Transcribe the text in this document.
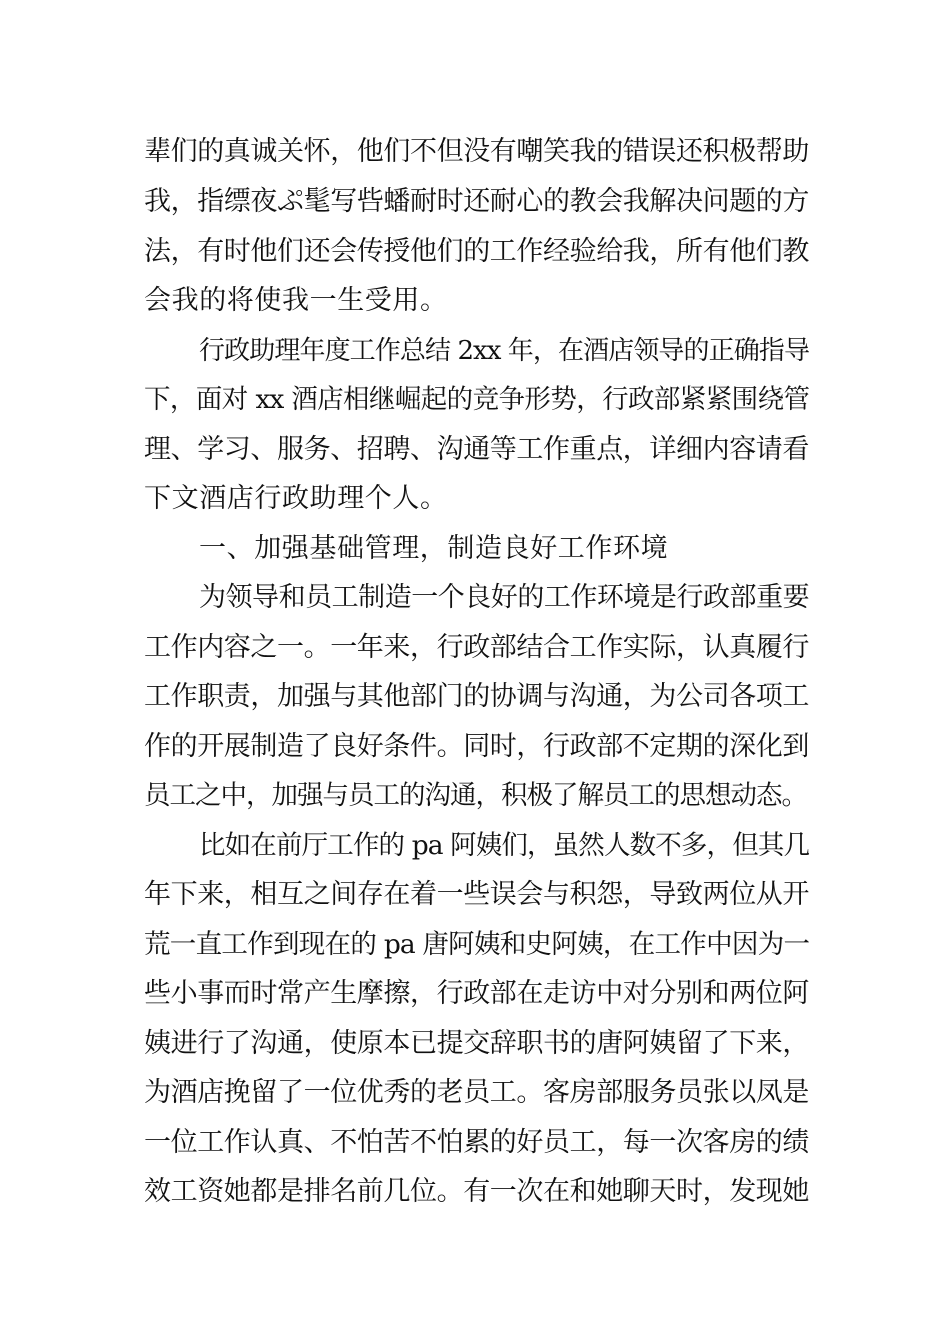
辈们的真诚关怀，他们不但没有嘲笑我的错误还积极帮助
我，指缥夜ぷ髦写呰蟠耐时还耐心的教会我解决问题的方
法，有时他们还会传授他们的工作经验给我，所有他们教
会我的将使我一生受用。
行政助理年度工作总结 2xx 年，在酒店领导的正确指导
下，面对 xx 酒店相继崛起的竞争形势，行政部紧紧围绕管
理、学习、服务、招聘、沟通等工作重点，详细内容请看
下文酒店行政助理个人。
一、加强基础管理，制造良好工作环境
为领导和员工制造一个良好的工作环境是行政部重要
工作内容之一。一年来，行政部结合工作实际，认真履行
工作职责，加强与其他部门的协调与沟通，为公司各项工
作的开展制造了良好条件。同时，行政部不定期的深化到
员工之中，加强与员工的沟通，积极了解员工的思想动态。
比如在前厅工作的 pa 阿姨们，虽然人数不多，但其几
年下来，相互之间存在着一些误会与积怨，导致两位从开
荒一直工作到现在的 pa 唐阿姨和史阿姨，在工作中因为一
些小事而时常产生摩擦，行政部在走访中对分别和两位阿
姨进行了沟通，使原本已提交辞职书的唐阿姨留了下来，
为酒店挽留了一位优秀的老员工。客房部服务员张以凤是
一位工作认真、不怕苦不怕累的好员工，每一次客房的绩
效工资她都是排名前几位。有一次在和她聊天时，发现她
